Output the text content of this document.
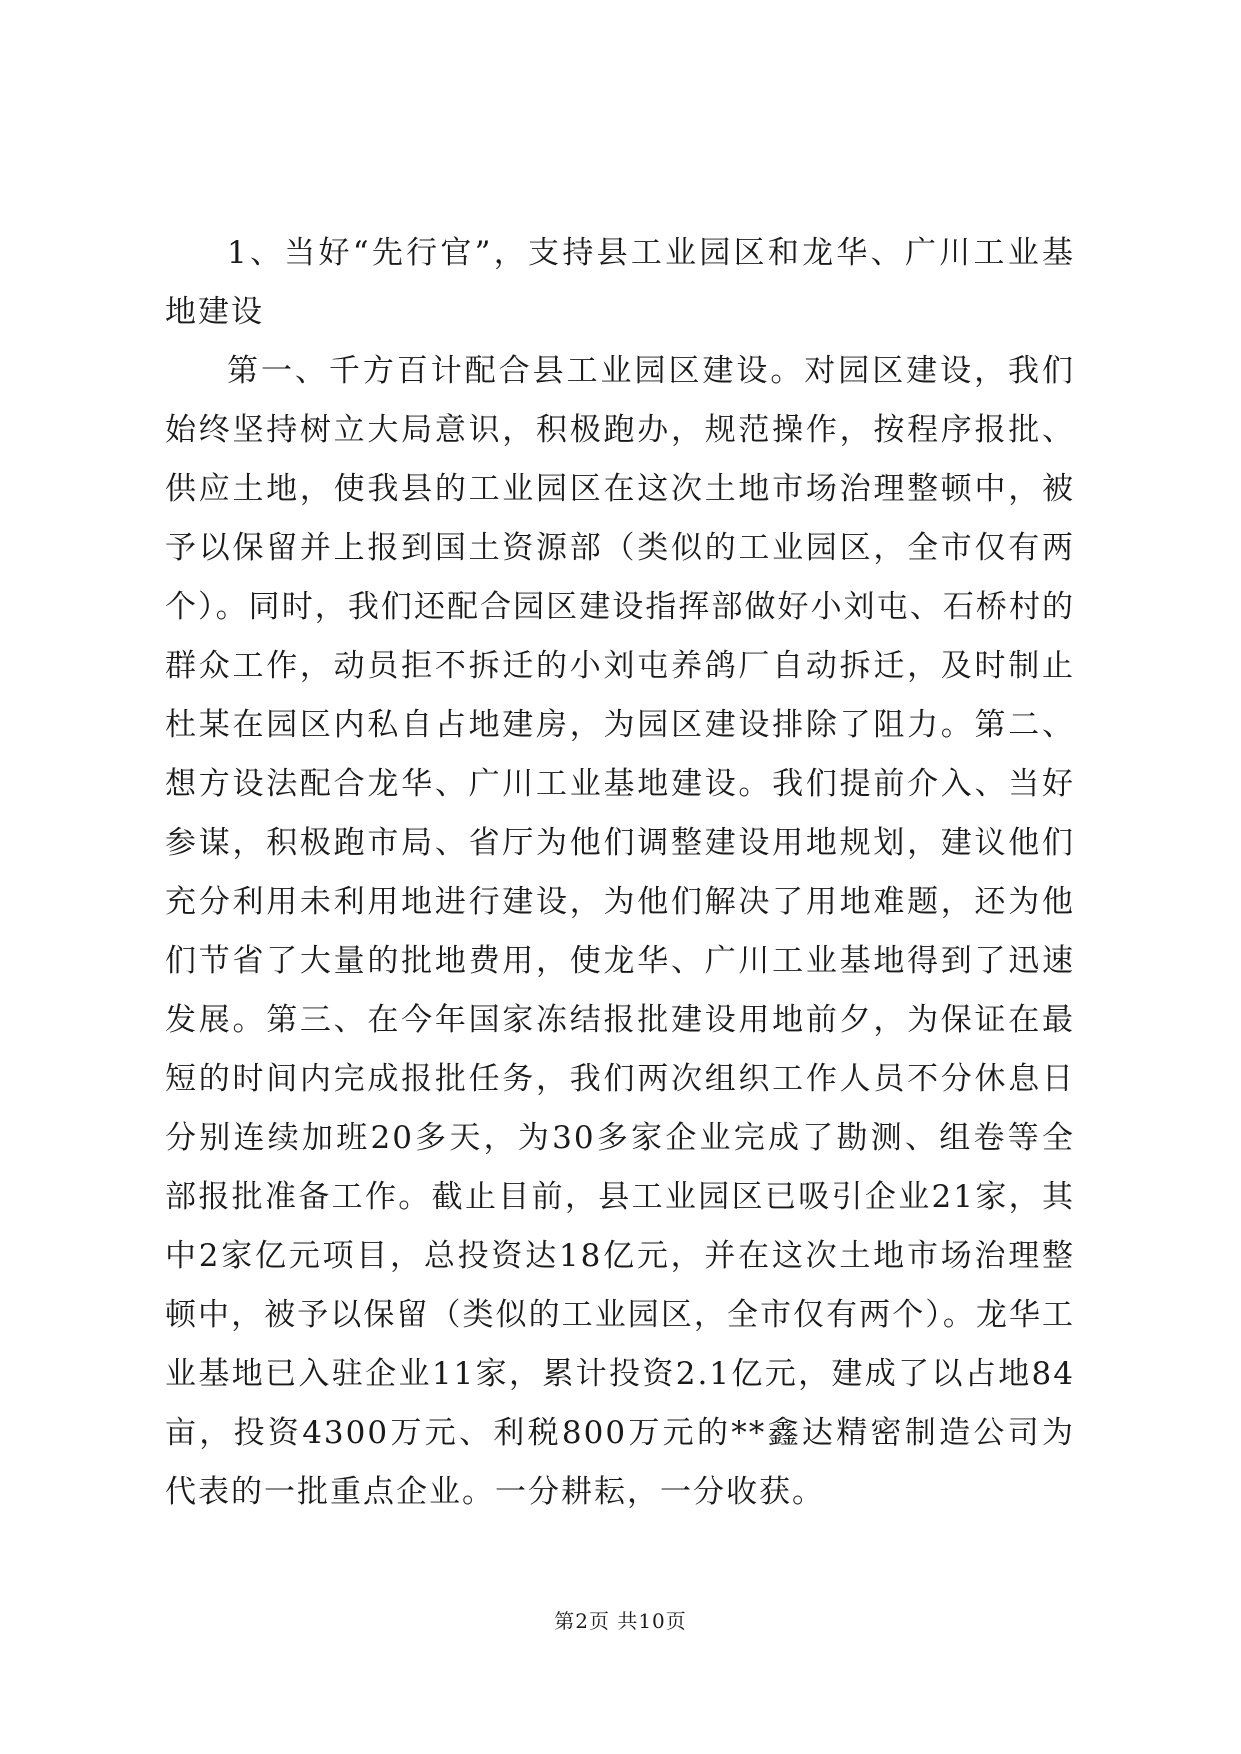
1、当好“先行官”，支持县工业园区和龙华、广川工业基地建设

第一、千方百计配合县工业园区建设。对园区建设，我们始终坚持树立大局意识，积极跑办，规范操作，按程序报批、供应土地，使我县的工业园区在这次土地市场治理整顿中，被予以保留并上报到国土资源部（类似的工业园区，全市仅有两个）。同时，我们还配合园区建设指挥部做好小刘屯、石桥村的群众工作，动员拒不拆迁的小刘屯养鸽厂自动拆迁，及时制止杜某在园区内私自占地建房，为园区建设排除了阻力。第二、想方设法配合龙华、广川工业基地建设。我们提前介入、当好参谋，积极跑市局、省厅为他们调整建设用地规划，建议他们充分利用未利用地进行建设，为他们解决了用地难题，还为他们节省了大量的批地费用，使龙华、广川工业基地得到了迅速发展。第三、在今年国家冻结报批建设用地前夕，为保证在最短的时间内完成报批任务，我们两次组织工作人员不分休息日分别连续加班20多天，为30多家企业完成了勘测、组卷等全部报批准备工作。截止目前，县工业园区已吸引企业21家，其中2家亿元项目，总投资达18亿元，并在这次土地市场治理整顿中，被予以保留（类似的工业园区，全市仅有两个）。龙华工业基地已入驻企业11家，累计投资2.1亿元，建成了以占地84亩，投资4300万元、利税800万元的**鑫达精密制造公司为代表的一批重点企业。一分耕耘，一分收获。

第2页 共10页
